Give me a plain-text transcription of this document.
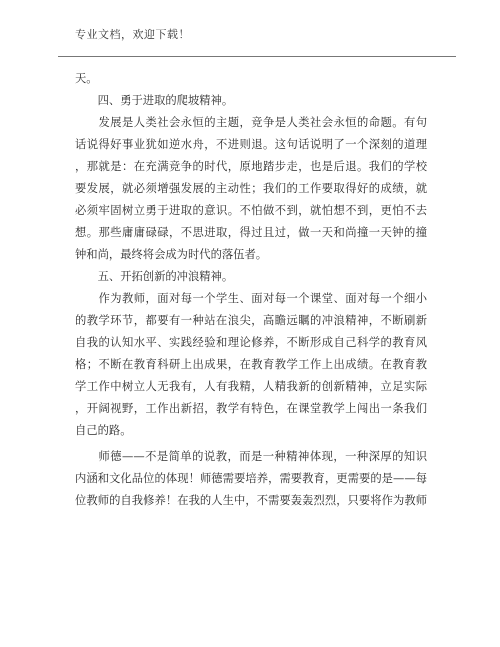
专业文档，欢迎下载！
天。
　　四、勇于进取的爬坡精神。
　　发展是人类社会永恒的主题，竞争是人类社会永恒的命题。有句
话说得好事业犹如逆水舟，不进则退。这句话说明了一个深刻的道理
，那就是：在充满竞争的时代，原地踏步走，也是后退。我们的学校
要发展，就必须增强发展的主动性；我们的工作要取得好的成绩，就
必须牢固树立勇于进取的意识。不怕做不到，就怕想不到，更怕不去
想。那些庸庸碌碌，不思进取，得过且过，做一天和尚撞一天钟的撞
钟和尚，最终将会成为时代的落伍者。
　　五、开拓创新的冲浪精神。
　　作为教师，面对每一个学生、面对每一个课堂、面对每一个细小
的教学环节，都要有一种站在浪尖，高瞻远瞩的冲浪精神，不断刷新
自我的认知水平、实践经验和理论修养，不断形成自己科学的教育风
格；不断在教育科研上出成果，在教育教学工作上出成绩。在教育教
学工作中树立人无我有，人有我精，人精我新的创新精神，立足实际
，开阔视野，工作出新招，教学有特色，在课堂教学上闯出一条我们
自己的路。
　　师德——不是简单的说教，而是一种精神体现，一种深厚的知识
内涵和文化品位的体现！师德需要培养，需要教育，更需要的是——每
位教师的自我修养！在我的人生中，不需要轰轰烈烈，只要将作为教师
